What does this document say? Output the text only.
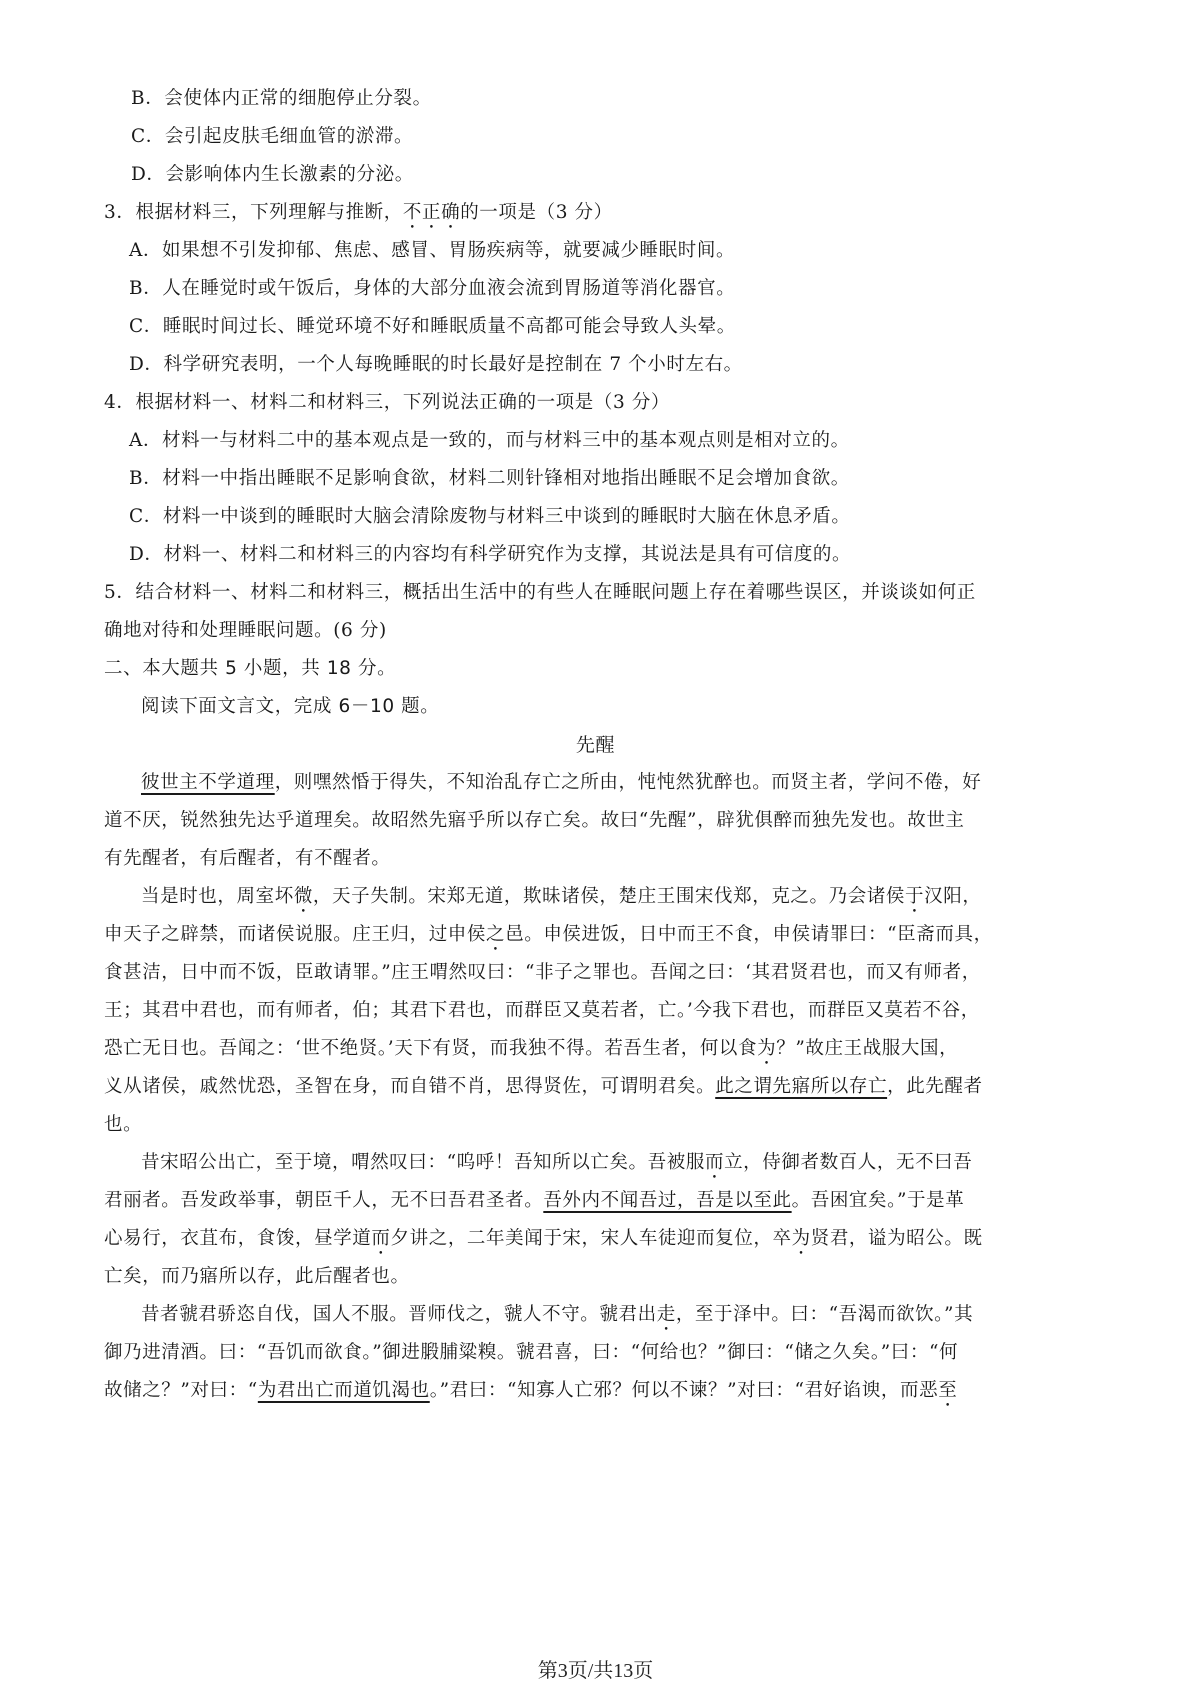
B．会使体内正常的细胞停止分裂。
C．会引起皮肤毛细血管的淤滞。
D．会影响体内生长激素的分泌。
3．根据材料三，下列理解与推断，不正确的一项是（3 分）
A．如果想不引发抑郁、焦虑、感冒、胃肠疾病等，就要减少睡眠时间。
B．人在睡觉时或午饭后，身体的大部分血液会流到胃肠道等消化器官。
C．睡眠时间过长、睡觉环境不好和睡眠质量不高都可能会导致人头晕。
D．科学研究表明，一个人每晚睡眠的时长最好是控制在 7 个小时左右。
4．根据材料一、材料二和材料三，下列说法正确的一项是（3 分）
A．材料一与材料二中的基本观点是一致的，而与材料三中的基本观点则是相对立的。
B．材料一中指出睡眠不足影响食欲，材料二则针锋相对地指出睡眠不足会增加食欲。
C．材料一中谈到的睡眠时大脑会清除废物与材料三中谈到的睡眠时大脑在休息矛盾。
D．材料一、材料二和材料三的内容均有科学研究作为支撑，其说法是具有可信度的。
5．结合材料一、材料二和材料三，概括出生活中的有些人在睡眠问题上存在着哪些误区，并谈谈如何正
确地对待和处理睡眠问题。(6 分)
二、本大题共 5 小题，共 18 分。
阅读下面文言文，完成 6－10 题。
先醒
彼世主不学道理，则嘿然惛于得失，不知治乱存亡之所由，忳忳然犹醉也。而贤主者，学问不倦，好
道不厌，锐然独先达乎道理矣。故昭然先寤乎所以存亡矣。故曰“先醒”，辟犹俱醉而独先发也。故世主
有先醒者，有后醒者，有不醒者。
当是时也，周室坏微，天子失制。宋郑无道，欺昧诸侯，楚庄王围宋伐郑，克之。乃会诸侯于汉阳，
申天子之辟禁，而诸侯说服。庄王归，过申侯之邑。申侯进饭，日中而王不食，申侯请罪曰：“臣斋而具，
食甚洁，日中而不饭，臣敢请罪。”庄王喟然叹曰：“非子之罪也。吾闻之曰：‘其君贤君也，而又有师者，
王；其君中君也，而有师者，伯；其君下君也，而群臣又莫若者，亡。’今我下君也，而群臣又莫若不谷，
恐亡无日也。吾闻之：‘世不绝贤。’天下有贤，而我独不得。若吾生者，何以食为？”故庄王战服大国，
义从诸侯，戚然忧恐，圣智在身，而自错不肖，思得贤佐，可谓明君矣。此之谓先寤所以存亡，此先醒者
也。
昔宋昭公出亡，至于境，喟然叹曰：“呜呼！吾知所以亡矣。吾被服而立，侍御者数百人，无不曰吾
君丽者。吾发政举事，朝臣千人，无不曰吾君圣者。吾外内不闻吾过，吾是以至此。吾困宜矣。”于是革
心易行，衣苴布，食馂，昼学道而夕讲之，二年美闻于宋，宋人车徒迎而复位，卒为贤君，谥为昭公。既
亡矣，而乃寤所以存，此后醒者也。
昔者虢君骄恣自伐，国人不服。晋师伐之，虢人不守。虢君出走，至于泽中。曰：“吾渴而欲饮。”其
御乃进清酒。曰：“吾饥而欲食。”御进腶脯粱糗。虢君喜，曰：“何给也？”御曰：“储之久矣。”曰：“何
故储之？”对曰：“为君出亡而道饥渴也。”君曰：“知寡人亡邪？何以不谏？”对曰：“君好谄谀，而恶至
第3页/共13页
